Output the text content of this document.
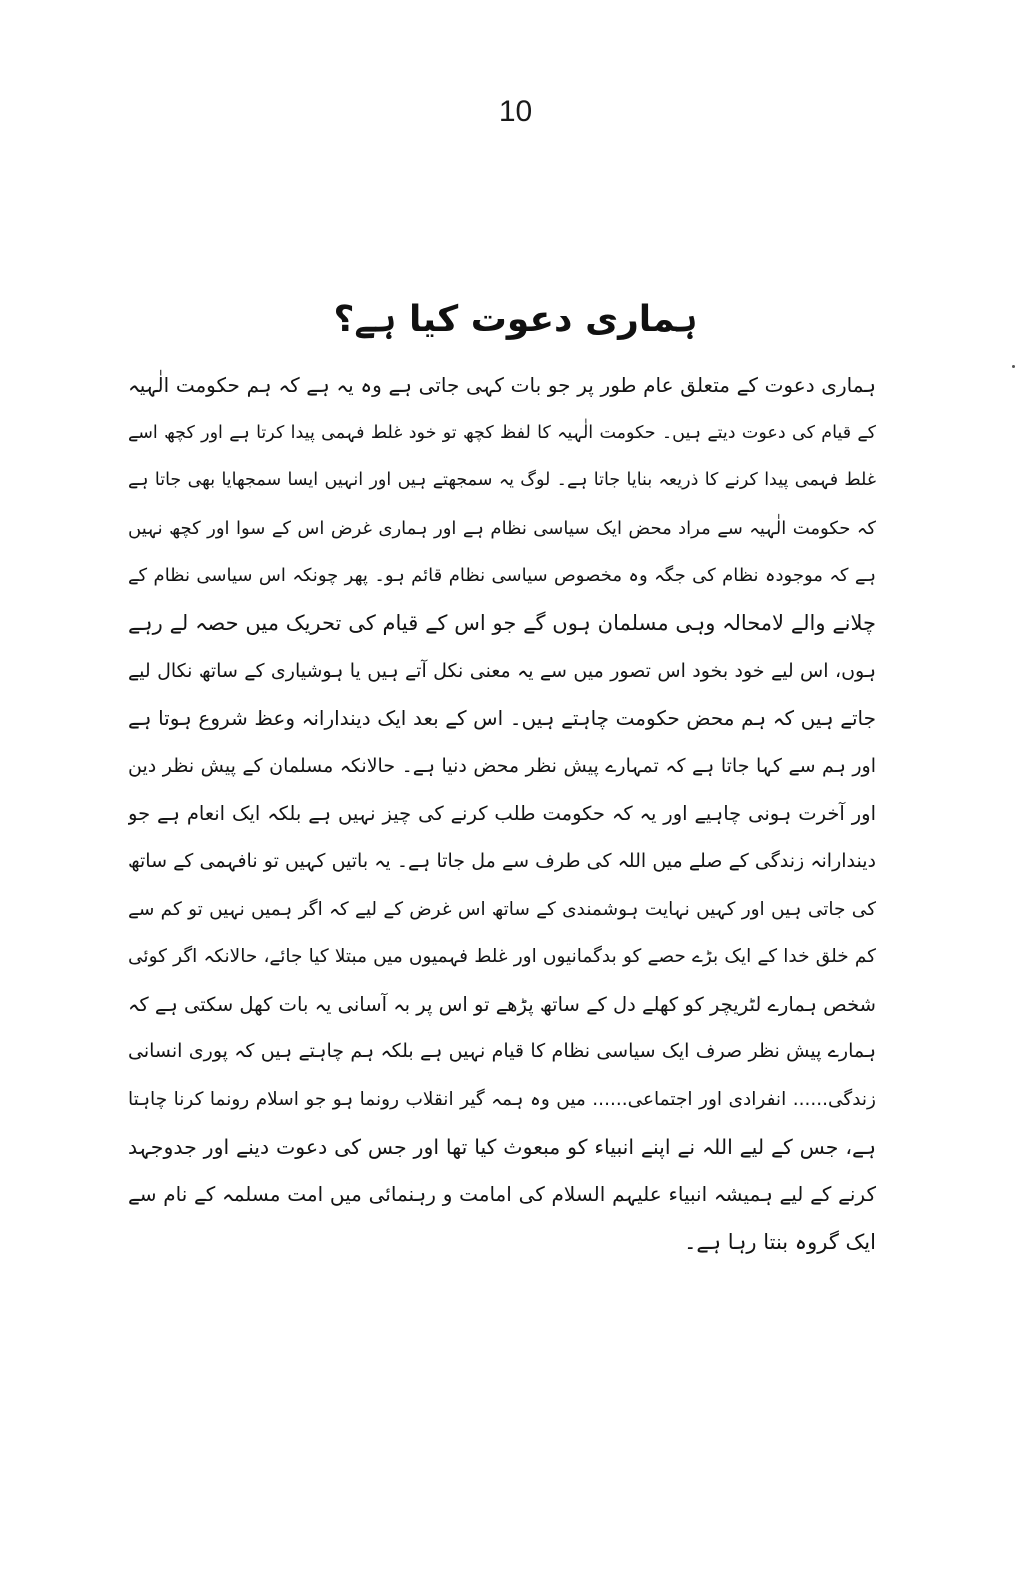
10
ہماری دعوت کیا ہے؟
ہماری دعوت کے متعلق عام طور پر جو بات کہی جاتی ہے وہ یہ ہے کہ ہم حکومت الٰہیہ
کے قیام کی دعوت دیتے ہیں۔ حکومت الٰہیہ کا لفظ کچھ تو خود غلط فہمی پیدا کرتا ہے اور کچھ اسے
غلط فہمی پیدا کرنے کا ذریعہ بنایا جاتا ہے۔ لوگ یہ سمجھتے ہیں اور انہیں ایسا سمجھایا بھی جاتا ہے
کہ حکومت الٰہیہ سے مراد محض ایک سیاسی نظام ہے اور ہماری غرض اس کے سوا اور کچھ نہیں
ہے کہ موجودہ نظام کی جگہ وہ مخصوص سیاسی نظام قائم ہو۔ پھر چونکہ اس سیاسی نظام کے
چلانے والے لامحالہ وہی مسلمان ہوں گے جو اس کے قیام کی تحریک میں حصہ لے رہے
ہوں، اس لیے خود بخود اس تصور میں سے یہ معنی نکل آتے ہیں یا ہوشیاری کے ساتھ نکال لیے
جاتے ہیں کہ ہم محض حکومت چاہتے ہیں۔ اس کے بعد ایک دیندارانہ وعظ شروع ہوتا ہے
اور ہم سے کہا جاتا ہے کہ تمہارے پیش نظر محض دنیا ہے۔ حالانکہ مسلمان کے پیش نظر دین
اور آخرت ہونی چاہیے اور یہ کہ حکومت طلب کرنے کی چیز نہیں ہے بلکہ ایک انعام ہے جو
دیندارانہ زندگی کے صلے میں اللہ کی طرف سے مل جاتا ہے۔ یہ باتیں کہیں تو نافہمی کے ساتھ
کی جاتی ہیں اور کہیں نہایت ہوشمندی کے ساتھ اس غرض کے لیے کہ اگر ہمیں نہیں تو کم سے
کم خلق خدا کے ایک بڑے حصے کو بدگمانیوں اور غلط فہمیوں میں مبتلا کیا جائے، حالانکہ اگر کوئی
شخص ہمارے لٹریچر کو کھلے دل کے ساتھ پڑھے تو اس پر بہ آسانی یہ بات کھل سکتی ہے کہ
ہمارے پیش نظر صرف ایک سیاسی نظام کا قیام نہیں ہے بلکہ ہم چاہتے ہیں کہ پوری انسانی
زندگی...... انفرادی اور اجتماعی...... میں وہ ہمہ گیر انقلاب رونما ہو جو اسلام رونما کرنا چاہتا
ہے، جس کے لیے اللہ نے اپنے انبیاء کو مبعوث کیا تھا اور جس کی دعوت دینے اور جدوجہد
کرنے کے لیے ہمیشہ انبیاء علیہم السلام کی امامت و رہنمائی میں امت مسلمہ کے نام سے
ایک گروہ بنتا رہا ہے۔
